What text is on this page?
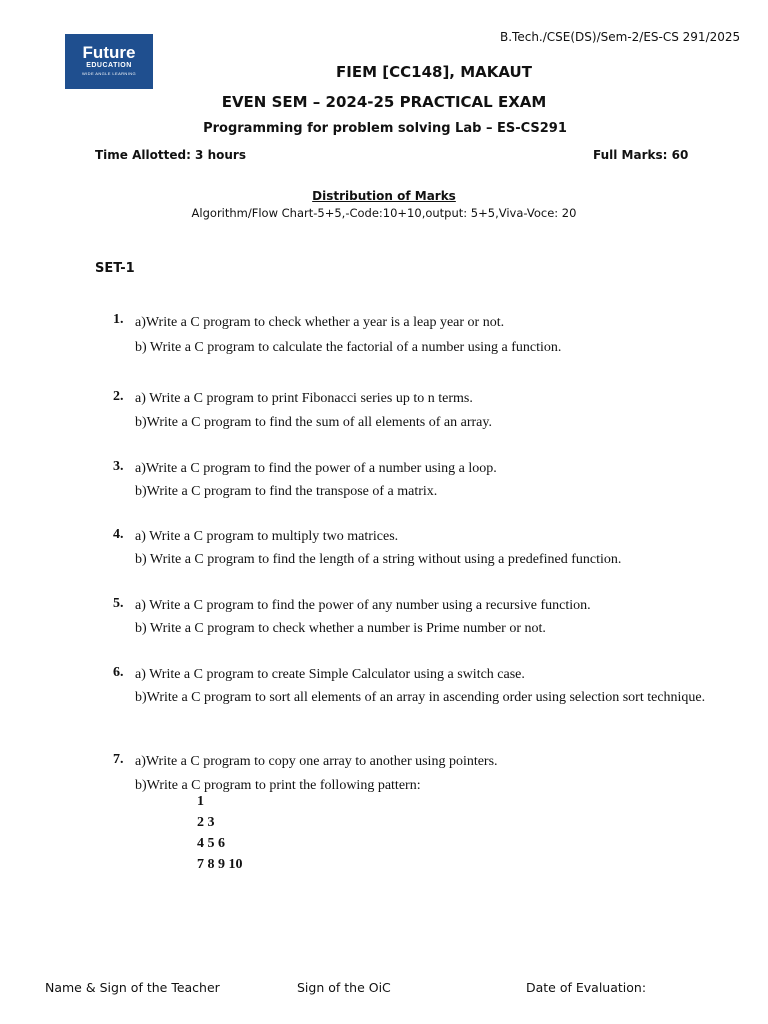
B.Tech./CSE(DS)/Sem-2/ES-CS 291/2025
Future
EDUCATION
WIDE ANGLE LEARNING	FIEM [CC148], MAKAUT
EVEN SEM – 2024-25 PRACTICAL EXAM
Programming for problem solving Lab – ES-CS291
Time Allotted: 3 hours	Full Marks: 60
Distribution of Marks
Algorithm/Flow Chart-5+5,-Code:10+10,output: 5+5,Viva-Voce: 20
SET-1
1. a)Write a C program to check whether a year is a leap year or not.
b) Write a C program to calculate the factorial of a number using a function.
2. a) Write a C program to print Fibonacci series up to n terms.
b)Write a C program to find the sum of all elements of an array.
3. a)Write a C program to find the power of a number using a loop.
b)Write a C program to find the transpose of a matrix.
4. a) Write a C program to multiply two matrices.
b) Write a C program to find the length of a string without using a predefined function.
5. a) Write a C program to find the power of any number using a recursive function.
b) Write a C program to check whether a number is Prime number or not.
6. a) Write a C program to create Simple Calculator using a switch case.
b)Write a C program to sort all elements of an array in ascending order using selection sort technique.
7. a)Write a C program to copy one array to another using pointers.
b)Write a C program to print the following pattern:
1
2 3
4 5 6
7 8 9 10
Name & Sign of the Teacher	Sign of the OiC	Date of Evaluation:
